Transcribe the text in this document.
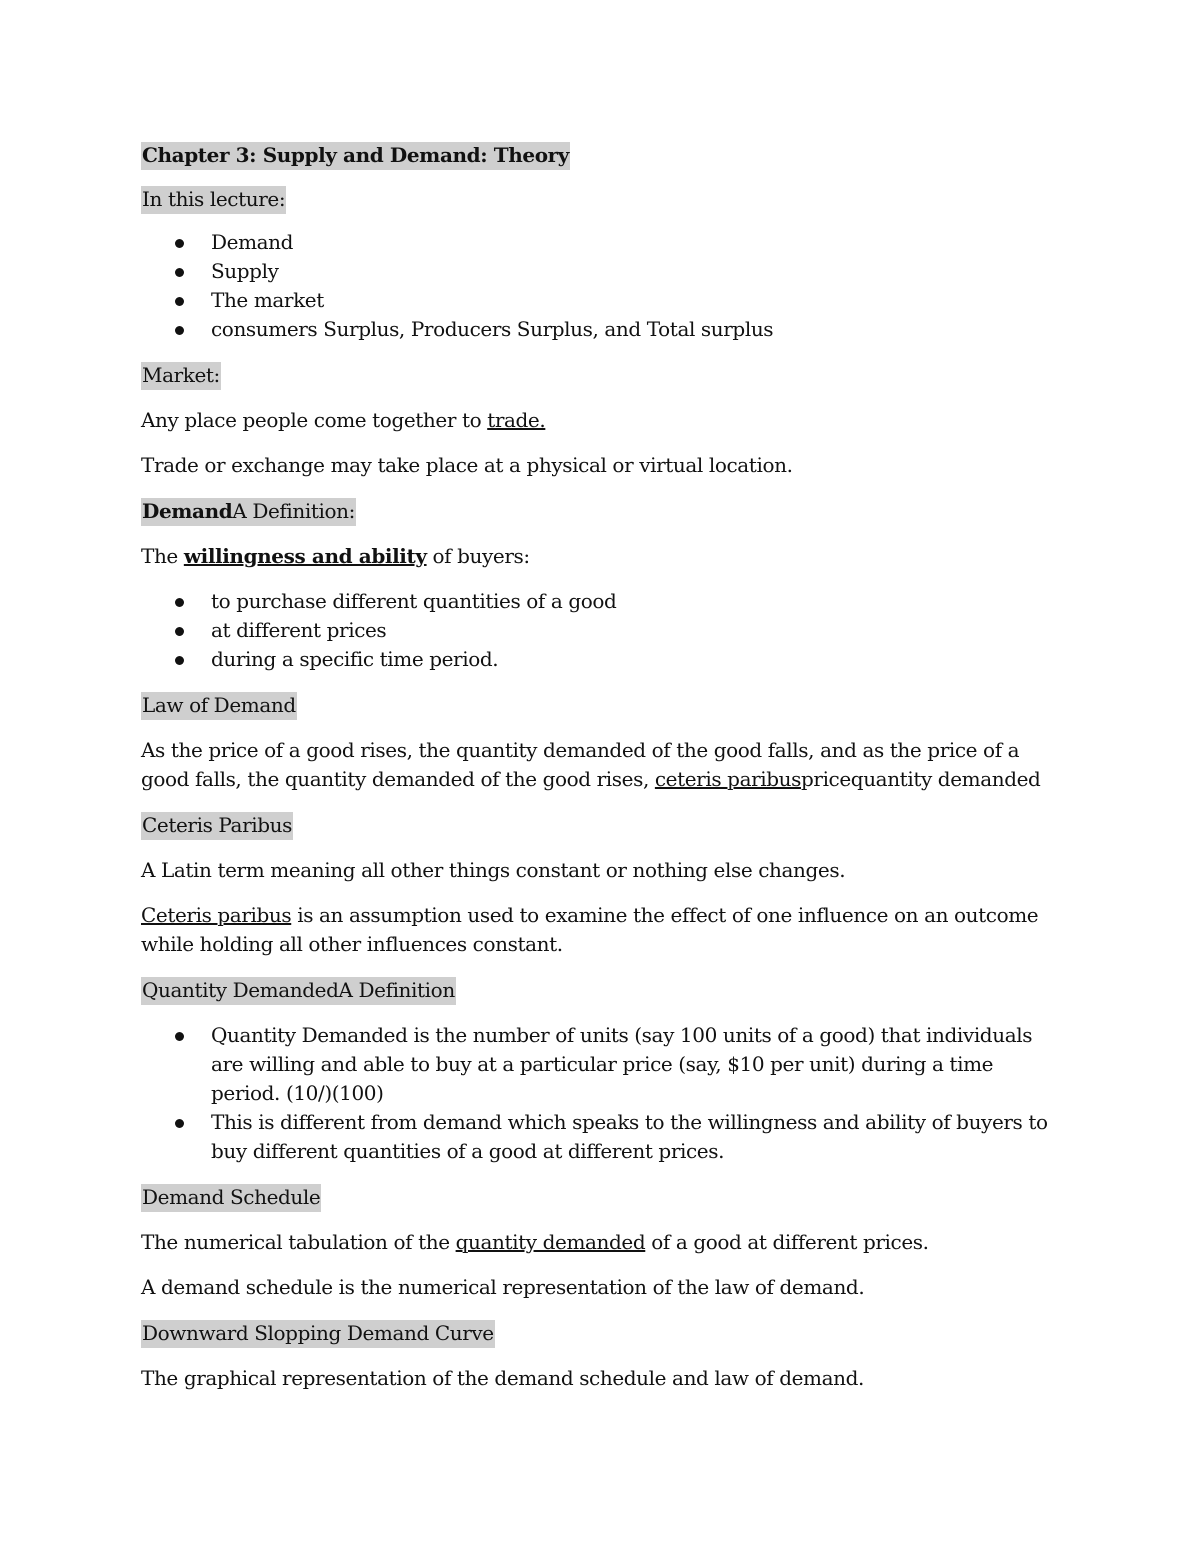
Chapter 3: Supply and Demand: Theory
In this lecture:
Demand
Supply
The market
consumers Surplus, Producers Surplus, and Total surplus
Market:

Any place people come together to trade.

Trade or exchange may take place at a physical or virtual location.

DemandA Definition:

The willingness and ability of buyers:

to purchase different quantities of a good
at different prices
during a specific time period.
Law of Demand

As the price of a good rises, the quantity demanded of the good falls, and as the price of a good falls, the quantity demanded of the good rises, ceteris paribuspricequantity demanded

Ceteris Paribus

A Latin term meaning all other things constant or nothing else changes.

Ceteris paribus is an assumption used to examine the effect of one influence on an outcome while holding all other influences constant.

Quantity DemandedA Definition
Quantity Demanded is the number of units (say 100 units of a good) that individuals are willing and able to buy at a particular price (say, $10 per unit) during a time period. (10/)(100)
This is different from demand which speaks to the willingness and ability of buyers to buy different quantities of a good at different prices.
Demand Schedule

The numerical tabulation of the quantity demanded of a good at different prices.

A demand schedule is the numerical representation of the law of demand.

Downward Slopping Demand Curve

The graphical representation of the demand schedule and law of demand.
